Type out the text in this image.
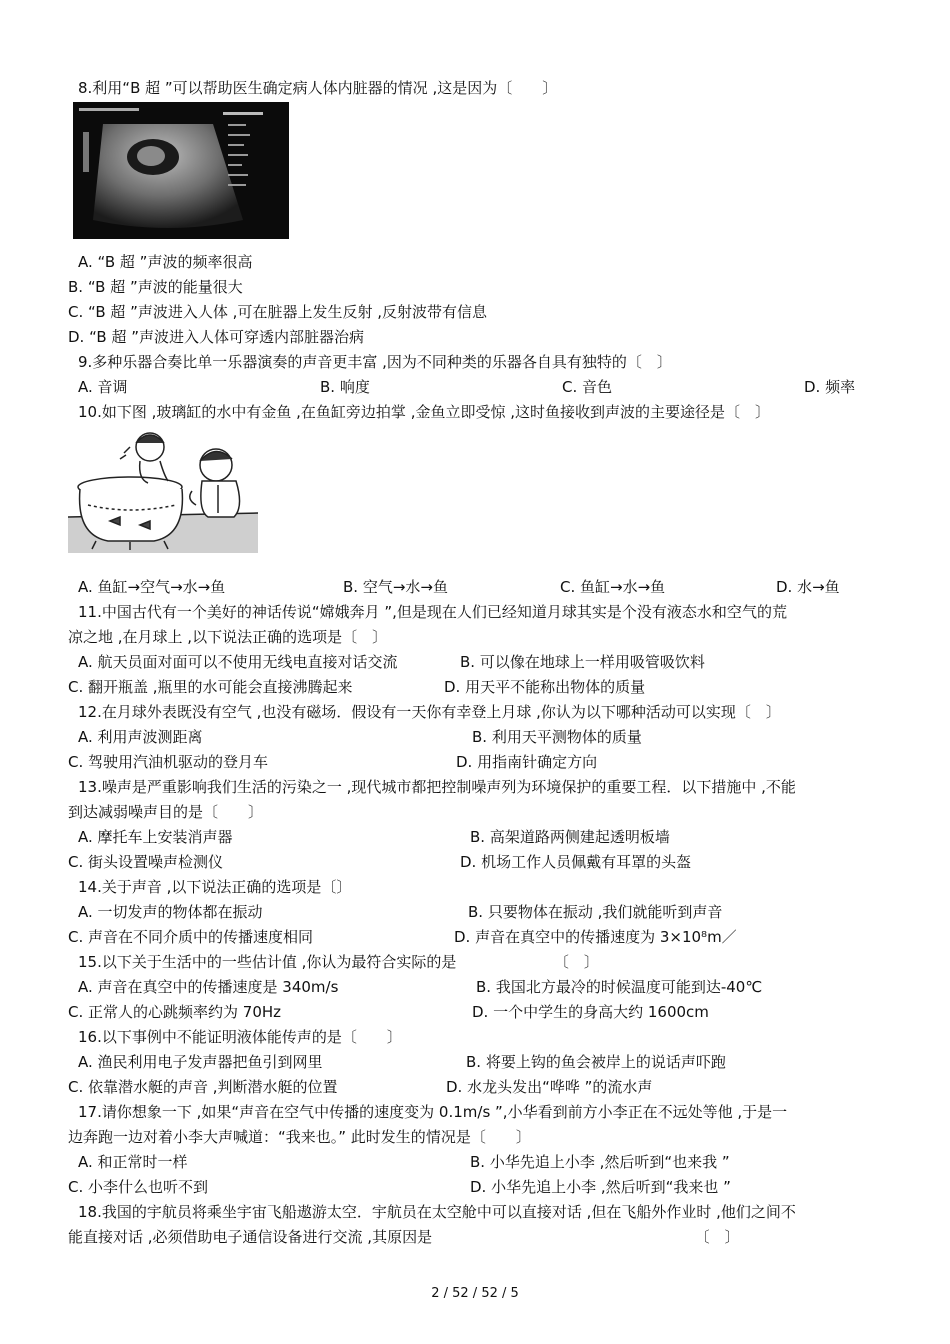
8.利用“B 超 ”可以帮助医生确定病人体内脏器的情况 ,这是因为〔　　〕
A. “B 超 ”声波的频率很高
B. “B 超 ”声波的能量很大
C. “B 超 ”声波进入人体 ,可在脏器上发生反射 ,反射波带有信息
D. “B 超 ”声波进入人体可穿透内部脏器治病
9.多种乐器合奏比单一乐器演奏的声音更丰富 ,因为不同种类的乐器各自具有独特的〔　〕
A. 音调	B. 响度	C. 音色	D. 频率
10.如下图 ,玻璃缸的水中有金鱼 ,在鱼缸旁边拍掌 ,金鱼立即受惊 ,这时鱼接收到声波的主要途径是〔　〕
A. 鱼缸→空气→水→鱼	B. 空气→水→鱼	C. 鱼缸→水→鱼	D. 水→鱼
11.中国古代有一个美好的神话传说“嫦娥奔月 ”,但是现在人们已经知道月球其实是个没有液态水和空气的荒
凉之地 ,在月球上 ,以下说法正确的选项是〔　〕
A. 航天员面对面可以不使用无线电直接对话交流	B. 可以像在地球上一样用吸管吸饮料
C. 翻开瓶盖 ,瓶里的水可能会直接沸腾起来	D. 用天平不能称出物体的质量
12.在月球外表既没有空气 ,也没有磁场．假设有一天你有幸登上月球 ,你认为以下哪种活动可以实现〔　〕
A. 利用声波测距离	B. 利用天平测物体的质量
C. 驾驶用汽油机驱动的登月车	D. 用指南针确定方向
13.噪声是严重影响我们生活的污染之一 ,现代城市都把控制噪声列为环境保护的重要工程．以下措施中 ,不能
到达减弱噪声目的是〔　　〕
A. 摩托车上安装消声器	B. 高架道路两侧建起透明板墙
C. 街头设置噪声检测仪	D. 机场工作人员佩戴有耳罩的头盔
14.关于声音 ,以下说法正确的选项是〔〕
A. 一切发声的物体都在振动	B. 只要物体在振动 ,我们就能听到声音
C. 声音在不同介质中的传播速度相同	D. 声音在真空中的传播速度为 3×10⁸m／
15.以下关于生活中的一些估计值 ,你认为最符合实际的是　　　　　　　〔　〕
A. 声音在真空中的传播速度是 340m/s	B. 我国北方最冷的时候温度可能到达-40℃
C. 正常人的心跳频率约为 70Hz	D. 一个中学生的身高大约 1600cm
16.以下事例中不能证明液体能传声的是〔　　〕
A. 渔民利用电子发声器把鱼引到网里	B. 将要上钩的鱼会被岸上的说话声吓跑
C. 依靠潜水艇的声音 ,判断潜水艇的位置	D. 水龙头发出“哗哗 ”的流水声
17.请你想象一下 ,如果“声音在空气中传播的速度变为 0.1m/s ”,小华看到前方小李正在不远处等他 ,于是一
边奔跑一边对着小李大声喊道：“我来也。” 此时发生的情况是〔　　〕
A. 和正常时一样	B. 小华先追上小李 ,然后听到“也来我 ”
C. 小李什么也听不到	D. 小华先追上小李 ,然后听到“我来也 ”
18.我国的宇航员将乘坐宇宙飞船遨游太空．宇航员在太空舱中可以直接对话 ,但在飞船外作业时 ,他们之间不
能直接对话 ,必须借助电子通信设备进行交流 ,其原因是　　　　　　　　　　　　　　　　　　〔　〕
2 / 52 / 52 / 5
